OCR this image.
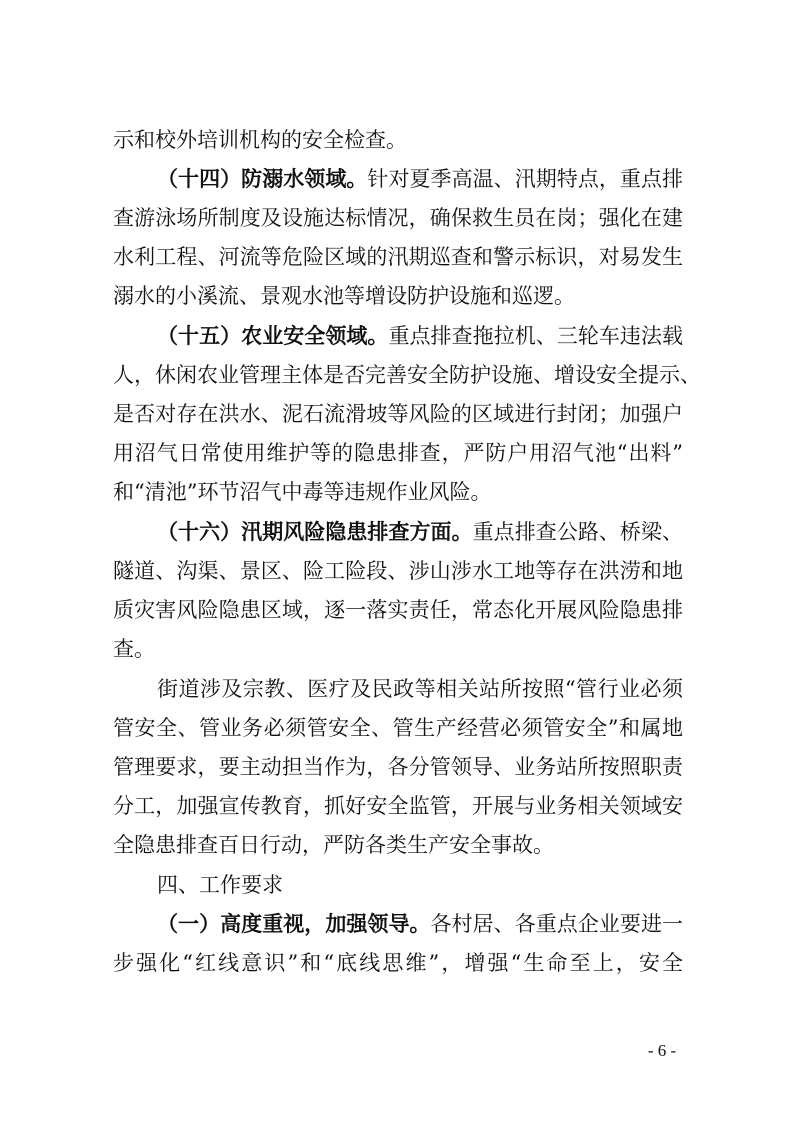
示和校外培训机构的安全检查。
（十四）防溺水领域。针对夏季高温、汛期特点，重点排
查游泳场所制度及设施达标情况，确保救生员在岗；强化在建
水利工程、河流等危险区域的汛期巡查和警示标识，对易发生
溺水的小溪流、景观水池等增设防护设施和巡逻。
（十五）农业安全领域。重点排查拖拉机、三轮车违法载
人，休闲农业管理主体是否完善安全防护设施、增设安全提示、
是否对存在洪水、泥石流滑坡等风险的区域进行封闭；加强户
用沼气日常使用维护等的隐患排查，严防户用沼气池“出料”
和“清池”环节沼气中毒等违规作业风险。
（十六）汛期风险隐患排查方面。重点排查公路、桥梁、
隧道、沟渠、景区、险工险段、涉山涉水工地等存在洪涝和地
质灾害风险隐患区域，逐一落实责任，常态化开展风险隐患排
查。
街道涉及宗教、医疗及民政等相关站所按照“管行业必须
管安全、管业务必须管安全、管生产经营必须管安全”和属地
管理要求，要主动担当作为，各分管领导、业务站所按照职责
分工，加强宣传教育，抓好安全监管，开展与业务相关领域安
全隐患排查百日行动，严防各类生产安全事故。
四、工作要求
（一）高度重视，加强领导。各村居、各重点企业要进一
步强化“红线意识”和“底线思维”，增强“生命至上，安全
- 6 -
